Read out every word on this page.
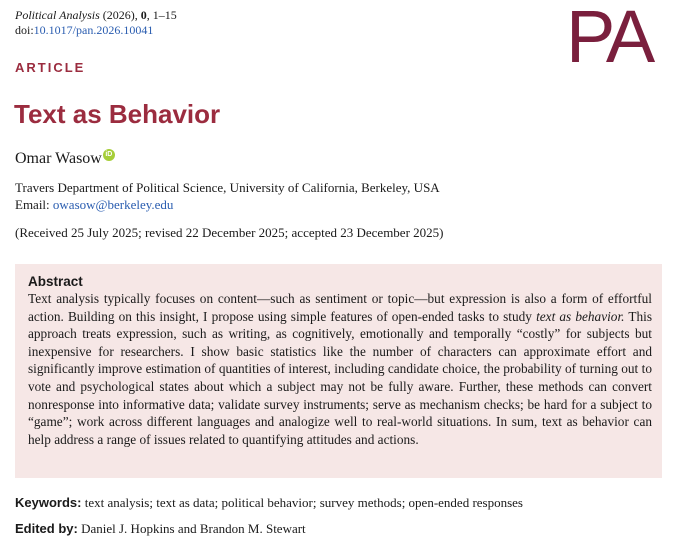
Political Analysis (2026), 0, 1–15
doi:10.1017/pan.2026.10041	PA
ARTICLE
Text as Behavior
Omar Wasow iD
Travers Department of Political Science, University of California, Berkeley, USA
Email: owasow@berkeley.edu
(Received 25 July 2025; revised 22 December 2025; accepted 23 December 2025)
Abstract

Text analysis typically focuses on content—such as sentiment or topic—but expression is also a form of effortful action. Building on this insight, I propose using simple features of open-ended tasks to study text as behavior. This approach treats expression, such as writing, as cognitively, emotionally and temporally “costly” for subjects but inexpensive for researchers. I show basic statistics like the number of characters can approximate effort and significantly improve estimation of quantities of interest, including candidate choice, the probability of turning out to vote and psychological states about which a subject may not be fully aware. Further, these methods can convert nonresponse into informative data; validate survey instruments; serve as mechanism checks; be hard for a subject to “game”; work across different languages and analogize well to real-world situations. In sum, text as behavior can help address a range of issues related to quantifying attitudes and actions.

Keywords: text analysis; text as data; political behavior; survey methods; open-ended responses
Edited by: Daniel J. Hopkins and Brandon M. Stewart
